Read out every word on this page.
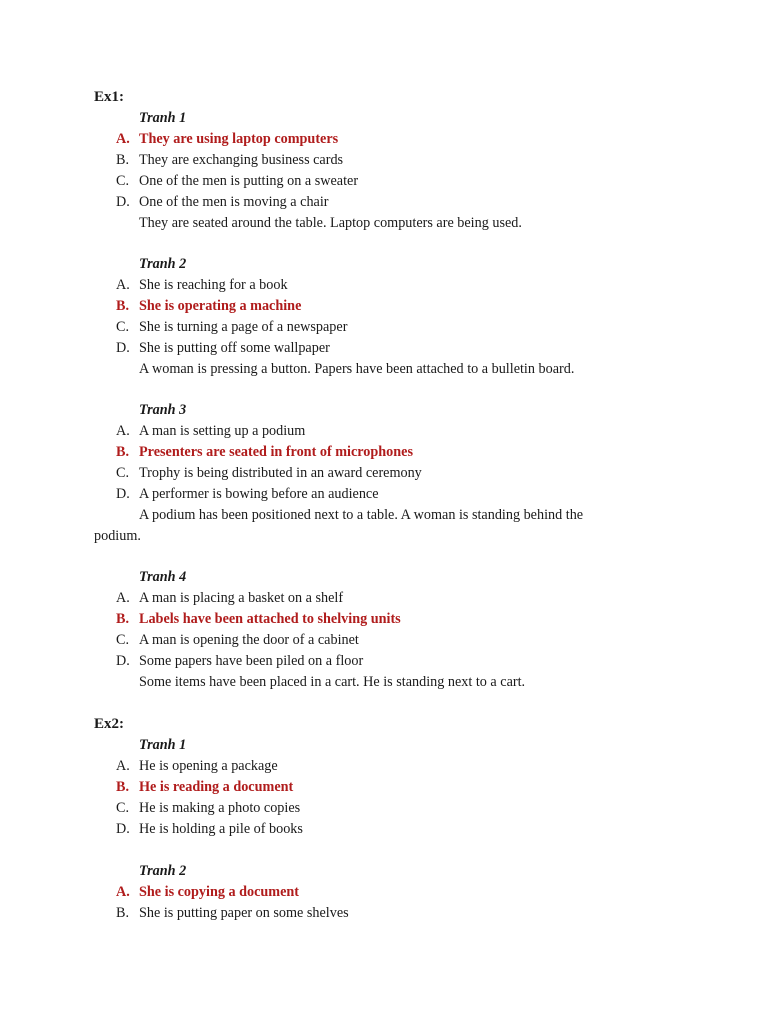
Ex1:
Tranh 1
A. They are using laptop computers
B. They are exchanging business cards
C. One of the men is putting on a sweater
D. One of the men is moving a chair
They are seated around the table. Laptop computers are being used.
Tranh 2
A. She is reaching for a book
B. She is operating a machine
C. She is turning a page of a newspaper
D. She is putting off some wallpaper
A woman is pressing a button. Papers have been attached to a bulletin board.
Tranh 3
A. A man is setting up a podium
B. Presenters are seated in front of microphones
C. Trophy is being distributed in an award ceremony
D. A performer is bowing before an audience
A podium has been positioned next to a table. A woman is standing behind the
podium.
Tranh 4
A. A man is placing a basket on a shelf
B. Labels have been attached to shelving units
C. A man is opening the door of a cabinet
D. Some papers have been piled on a floor
Some items have been placed in a cart. He is standing next to a cart.
Ex2:
Tranh 1
A. He is opening a package
B. He is reading a document
C. He is making a photo copies
D. He is holding a pile of books
Tranh 2
A. She is copying a document
B. She is putting paper on some shelves
